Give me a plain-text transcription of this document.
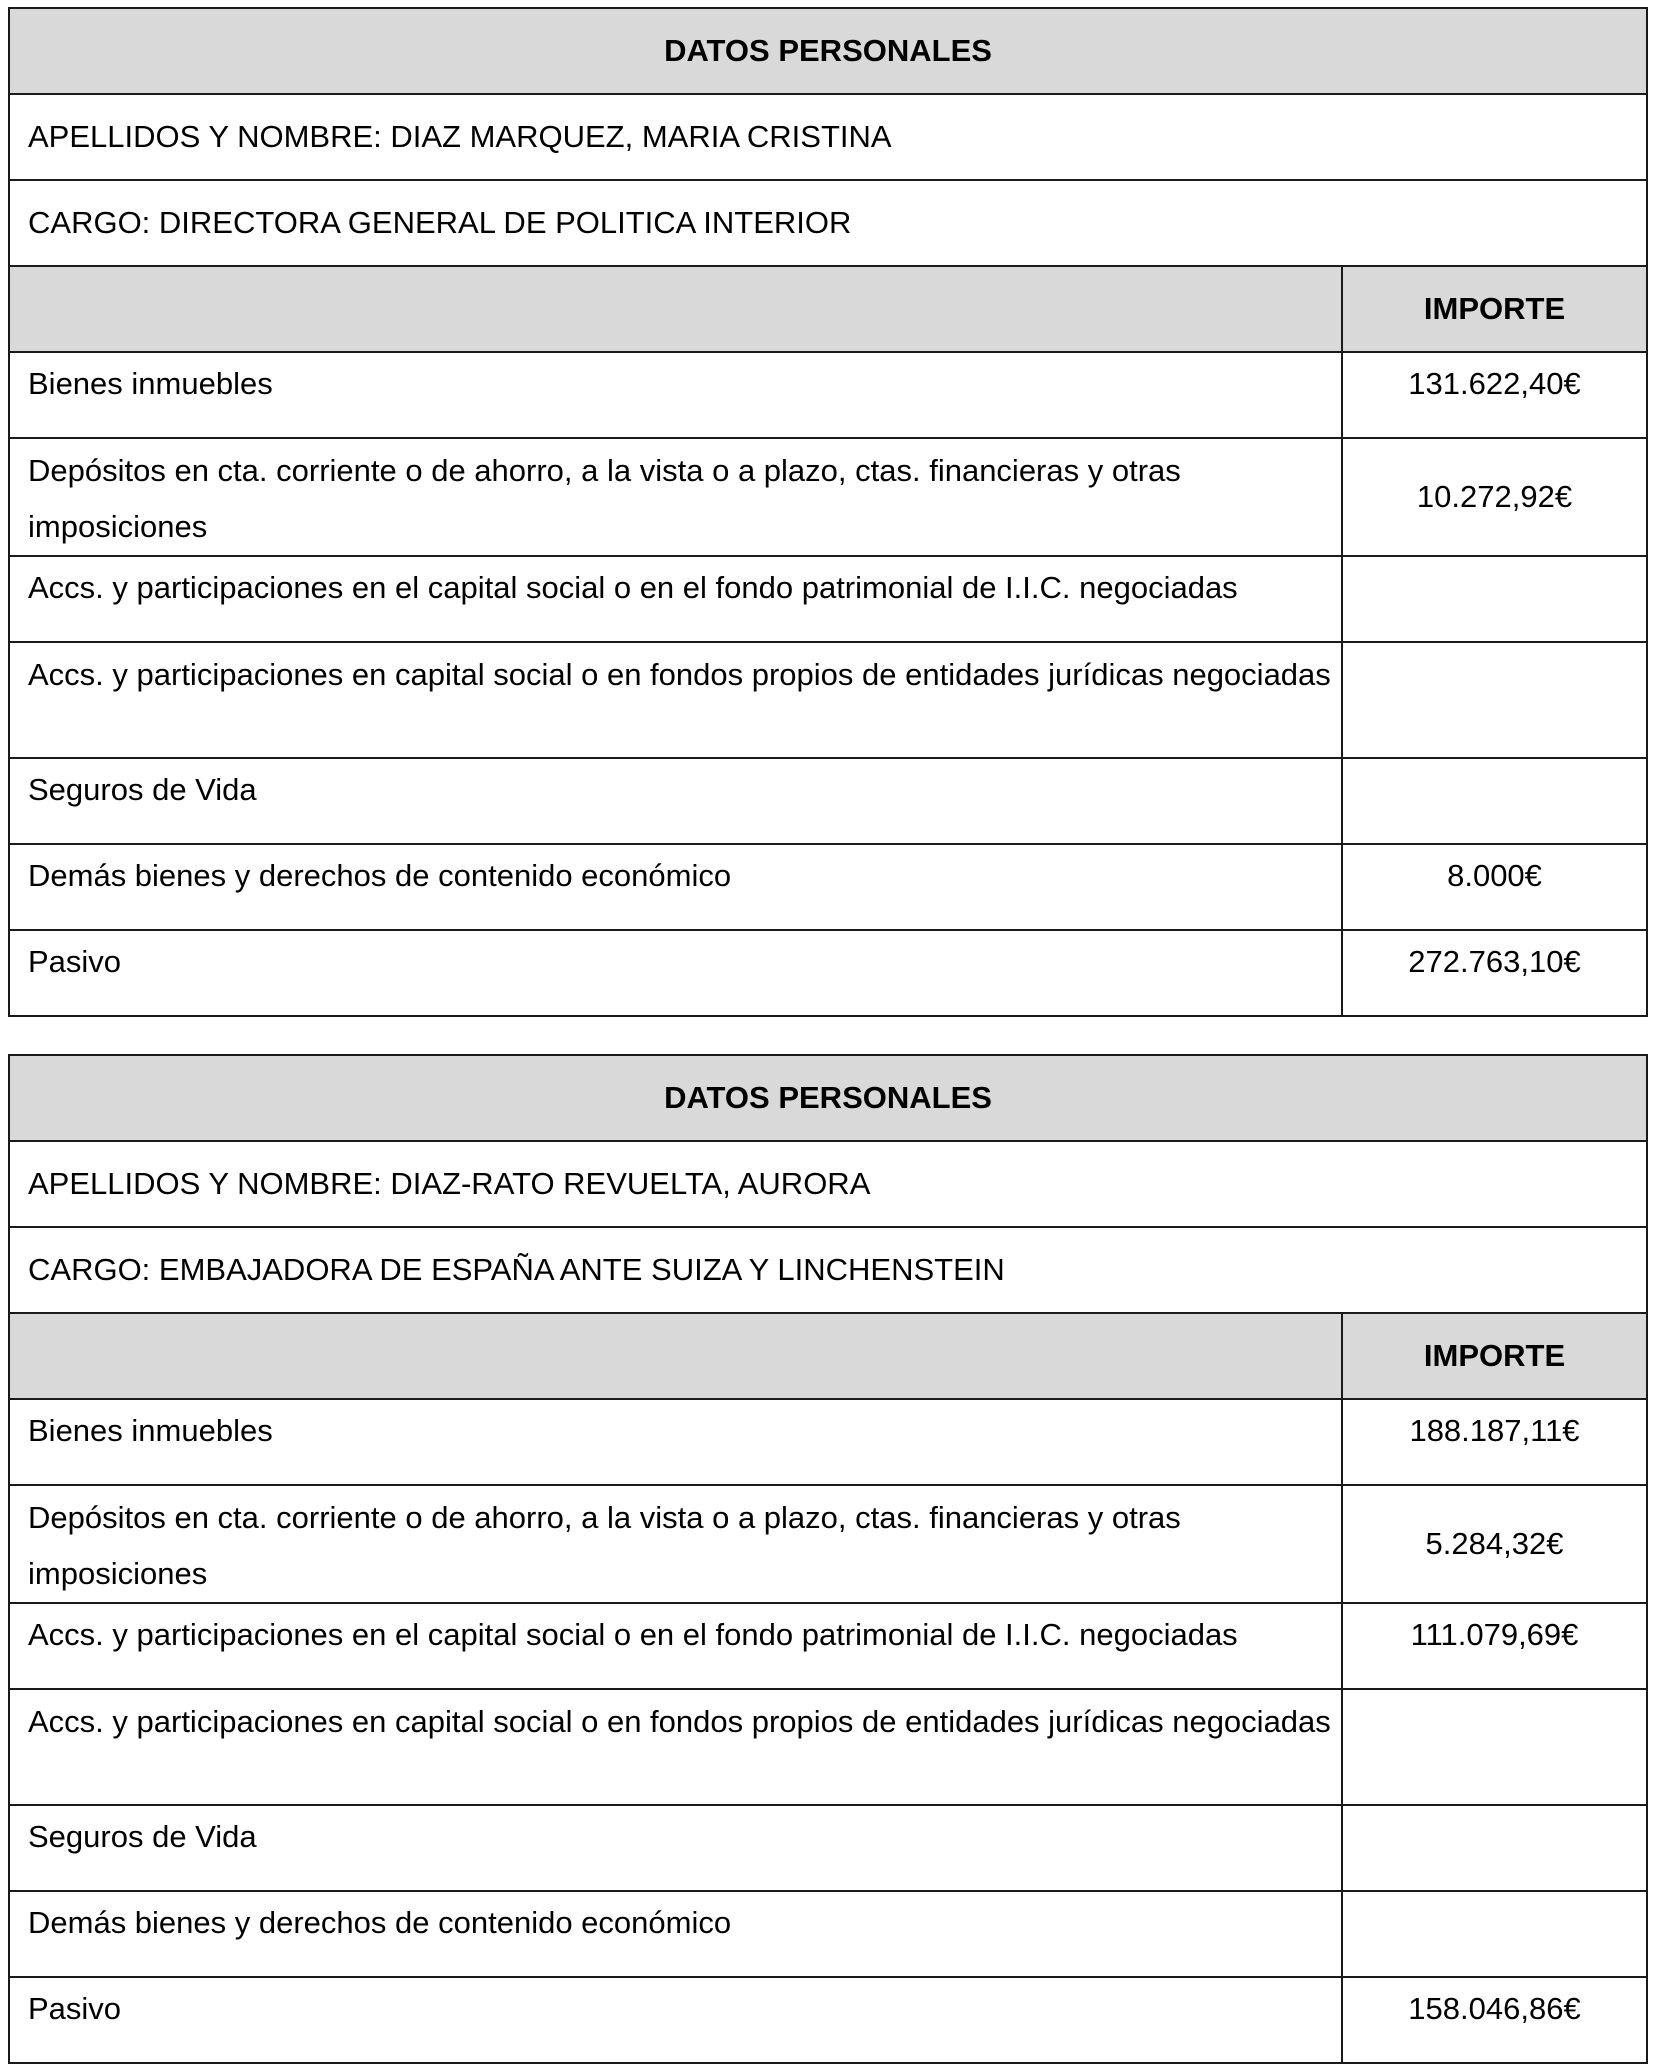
DATOS PERSONALES	
APELLIDOS Y NOMBRE: DIAZ MARQUEZ, MARIA CRISTINA	
CARGO: DIRECTORA GENERAL DE POLITICA INTERIOR	
	IMPORTE
Bienes inmuebles	131.622,40€
Depósitos en cta. corriente o de ahorro, a la vista o a plazo, ctas. financieras y otras imposiciones	10.272,92€
Accs. y participaciones en el capital social o en el fondo patrimonial de I.I.C. negociadas	
Accs. y participaciones en capital social o en fondos propios de entidades jurídicas negociadas	
Seguros de Vida	
Demás bienes y derechos de contenido económico	8.000€
Pasivo	272.763,10€
DATOS PERSONALES	
APELLIDOS Y NOMBRE: DIAZ-RATO REVUELTA, AURORA	
CARGO: EMBAJADORA DE ESPAÑA ANTE SUIZA Y LINCHENSTEIN	
	IMPORTE
Bienes inmuebles	188.187,11€
Depósitos en cta. corriente o de ahorro, a la vista o a plazo, ctas. financieras y otras imposiciones	5.284,32€
Accs. y participaciones en el capital social o en el fondo patrimonial de I.I.C. negociadas	111.079,69€
Accs. y participaciones en capital social o en fondos propios de entidades jurídicas negociadas	
Seguros de Vida	
Demás bienes y derechos de contenido económico	
Pasivo	158.046,86€
